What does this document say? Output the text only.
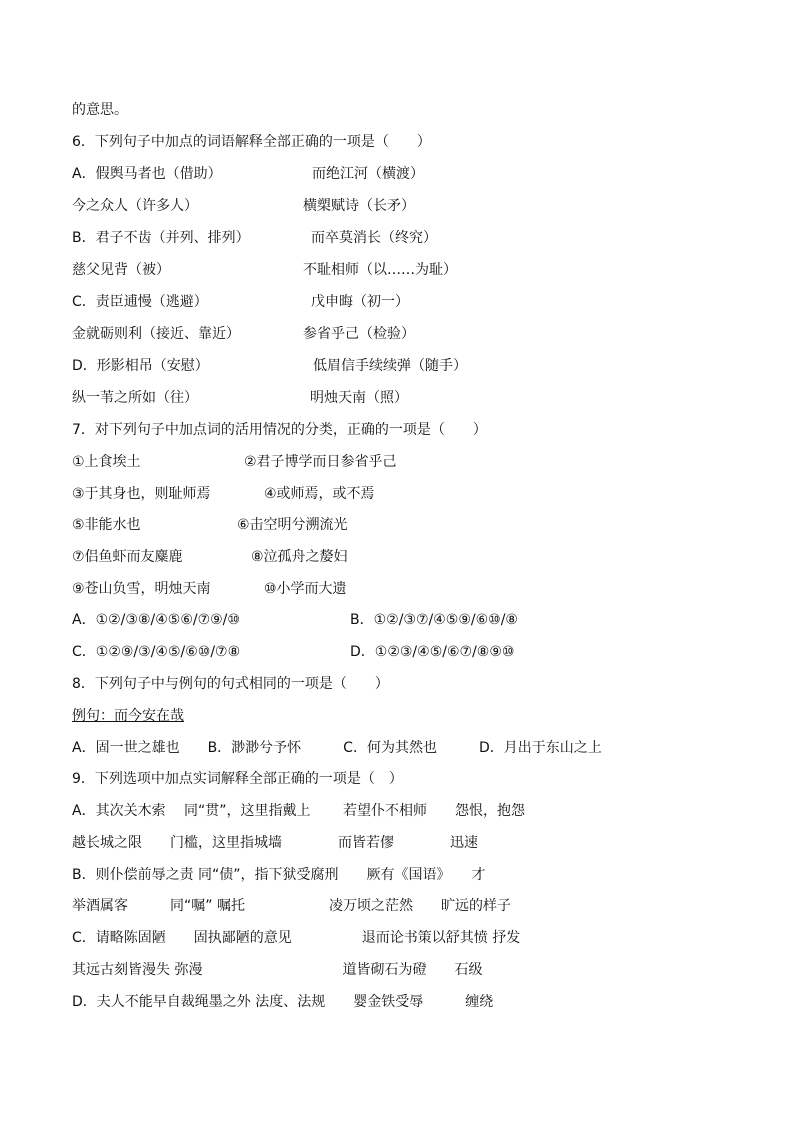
的意思。
6．下列句子中加点的词语解释全部正确的一项是（　　）
A．假舆马者也（借助）	而绝江河（横渡）
今之众人（许多人）	横槊赋诗（长矛）
B．君子不齿（并列、排列）	而卒莫消长（终究）
慈父见背（被）	不耻相师（以……为耻）
C．责臣逋慢（逃避）	戊申晦（初一）
金就砺则利（接近、靠近）	参省乎己（检验）
D．形影相吊（安慰）	低眉信手续续弹（随手）
纵一苇之所如（往）	明烛天南（照）
7．对下列句子中加点词的活用情况的分类，正确的一项是（　　）
①上食埃土	②君子博学而日参省乎己
③于其身也，则耻师焉	④或师焉，或不焉
⑤非能水也	⑥击空明兮溯流光
⑦侣鱼虾而友麋鹿	⑧泣孤舟之嫠妇
⑨苍山负雪，明烛天南	⑩小学而大遗
A．①②/③⑧/④⑤⑥/⑦⑨/⑩	B．①②/③⑦/④⑤⑨/⑥⑩/⑧
C．①②⑨/③/④⑤/⑥⑩/⑦⑧	D．①②③/④⑤/⑥⑦/⑧⑨⑩
8．下列句子中与例句的句式相同的一项是（　　）
例句：而今安在哉
A．固一世之雄也　　B．渺渺兮予怀　　　C．何为其然也　　　D．月出于东山之上
9．下列选项中加点实词解释全部正确的一项是（　）
A．其次关木索　 同“贯”，这里指戴上　　 若望仆不相师　　怨恨，抱怨
越长城之限　　门槛，这里指城墙　　　　而皆若僇　　　　迅速
B．则仆偿前辱之责 同“债”，指下狱受腐刑　　厥有《国语》　　才
举酒属客　　　同“嘱” 嘱托　　　　　　凌万顷之茫然　　旷远的样子
C．请略陈固陋　　固执鄙陋的意见　　　　　退而论书策以舒其愤 抒发
其远古刻皆漫失 弥漫　　　　　　　　　　道皆砌石为磴　　石级
D．夫人不能早自裁绳墨之外 法度、法规　　婴金铁受辱　　　缠绕
